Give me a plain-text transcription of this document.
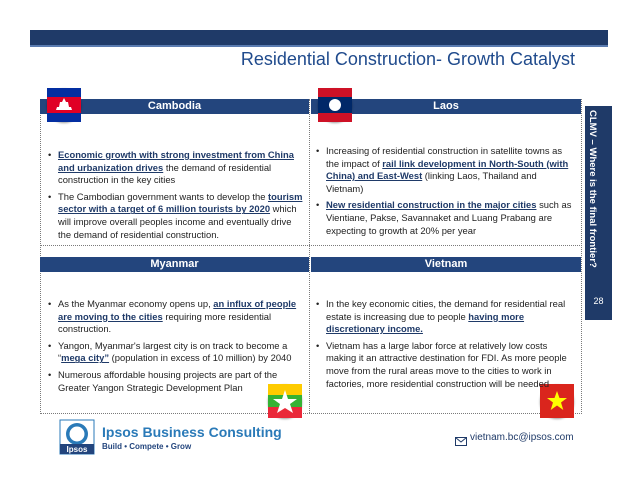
Residential Construction- Growth Catalyst
Cambodia	Laos
Myanmar	Vietnam
• Economic growth with strong investment from China and urbanization drives the demand of residential construction in the key cities
• The Cambodian government wants to develop the tourism sector with a target of 6 million tourists by 2020 which will improve overall peoples income and eventually drive the demand of residential construction.
• Increasing of residential construction in satellite towns as the impact of rail link development in North-South (with China) and East-West (linking Laos, Thailand and Vietnam)
• New residential construction in the major cities such as Vientiane, Pakse, Savannaket and Luang Prabang are expecting to growth at 20% per year
• As the Myanmar economy opens up, an influx of people are moving to the cities requiring more residential construction.
• Yangon, Myanmar's largest city is on track to become a “mega city” (population in excess of 10 million) by 2040
• Numerous affordable housing projects are part of the Greater Yangon Strategic Development Plan
• In the key economic cities, the demand for residential real estate is increasing due to people having more discretionary income.
• Vietnam has a large labor force at relatively low costs making it an attractive destination for FDI. As more people move from the rural areas move to the cities to work in factories, more residential construction will be needed
CLMV – Where is the final frontier?
28
Ipsos
Ipsos Business Consulting
Build • Compete • Grow
vietnam.bc@ipsos.com
